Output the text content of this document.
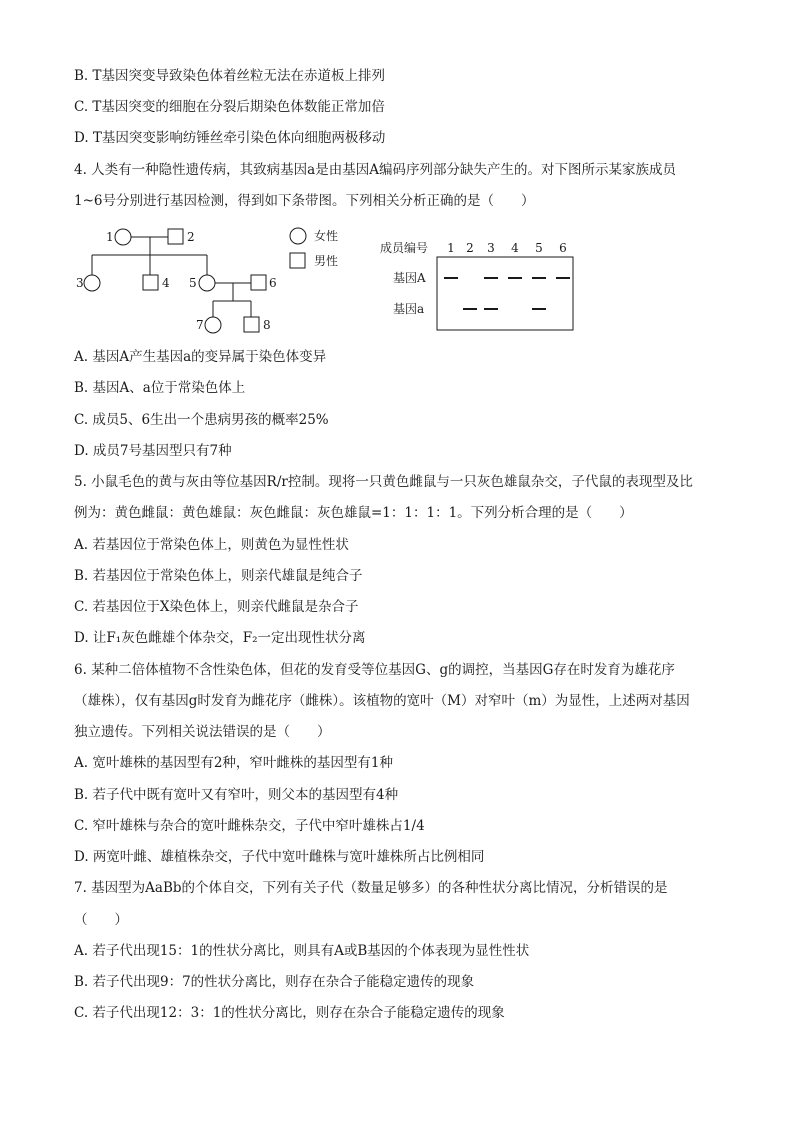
B. T基因突变导致染色体着丝粒无法在赤道板上排列
C. T基因突变的细胞在分裂后期染色体数能正常加倍
D. T基因突变影响纺锤丝牵引染色体向细胞两极移动
4. 人类有一种隐性遗传病，其致病基因a是由基因A编码序列部分缺失产生的。对下图所示某家族成员
1~6号分别进行基因检测，得到如下条带图。下列相关分析正确的是（　　）
1	2
3	4 5	6
7	8
女性
男性
成员编号 1 2 3 4 5 6
基因A
基因a
A. 基因A产生基因a的变异属于染色体变异
B. 基因A、a位于常染色体上
C. 成员5、6生出一个患病男孩的概率25%
D. 成员7号基因型只有7种
5. 小鼠毛色的黄与灰由等位基因R/r控制。现将一只黄色雌鼠与一只灰色雄鼠杂交，子代鼠的表现型及比
例为：黄色雌鼠：黄色雄鼠：灰色雌鼠：灰色雄鼠=1：1：1：1。下列分析合理的是（　　）
A. 若基因位于常染色体上，则黄色为显性性状
B. 若基因位于常染色体上，则亲代雄鼠是纯合子
C. 若基因位于X染色体上，则亲代雌鼠是杂合子
D. 让F₁灰色雌雄个体杂交，F₂一定出现性状分离
6. 某种二倍体植物不含性染色体，但花的发育受等位基因G、g的调控，当基因G存在时发育为雄花序
（雄株），仅有基因g时发育为雌花序（雌株）。该植物的宽叶（M）对窄叶（m）为显性，上述两对基因
独立遗传。下列相关说法错误的是（　　）
A. 宽叶雄株的基因型有2种，窄叶雌株的基因型有1种
B. 若子代中既有宽叶又有窄叶，则父本的基因型有4种
C. 窄叶雄株与杂合的宽叶雌株杂交，子代中窄叶雄株占1/4
D. 两宽叶雌、雄植株杂交，子代中宽叶雌株与宽叶雄株所占比例相同
7. 基因型为AaBb的个体自交，下列有关子代（数量足够多）的各种性状分离比情况，分析错误的是
（　　）
A. 若子代出现15：1的性状分离比，则具有A或B基因的个体表现为显性性状
B. 若子代出现9：7的性状分离比，则存在杂合子能稳定遗传的现象
C. 若子代出现12：3：1的性状分离比，则存在杂合子能稳定遗传的现象
